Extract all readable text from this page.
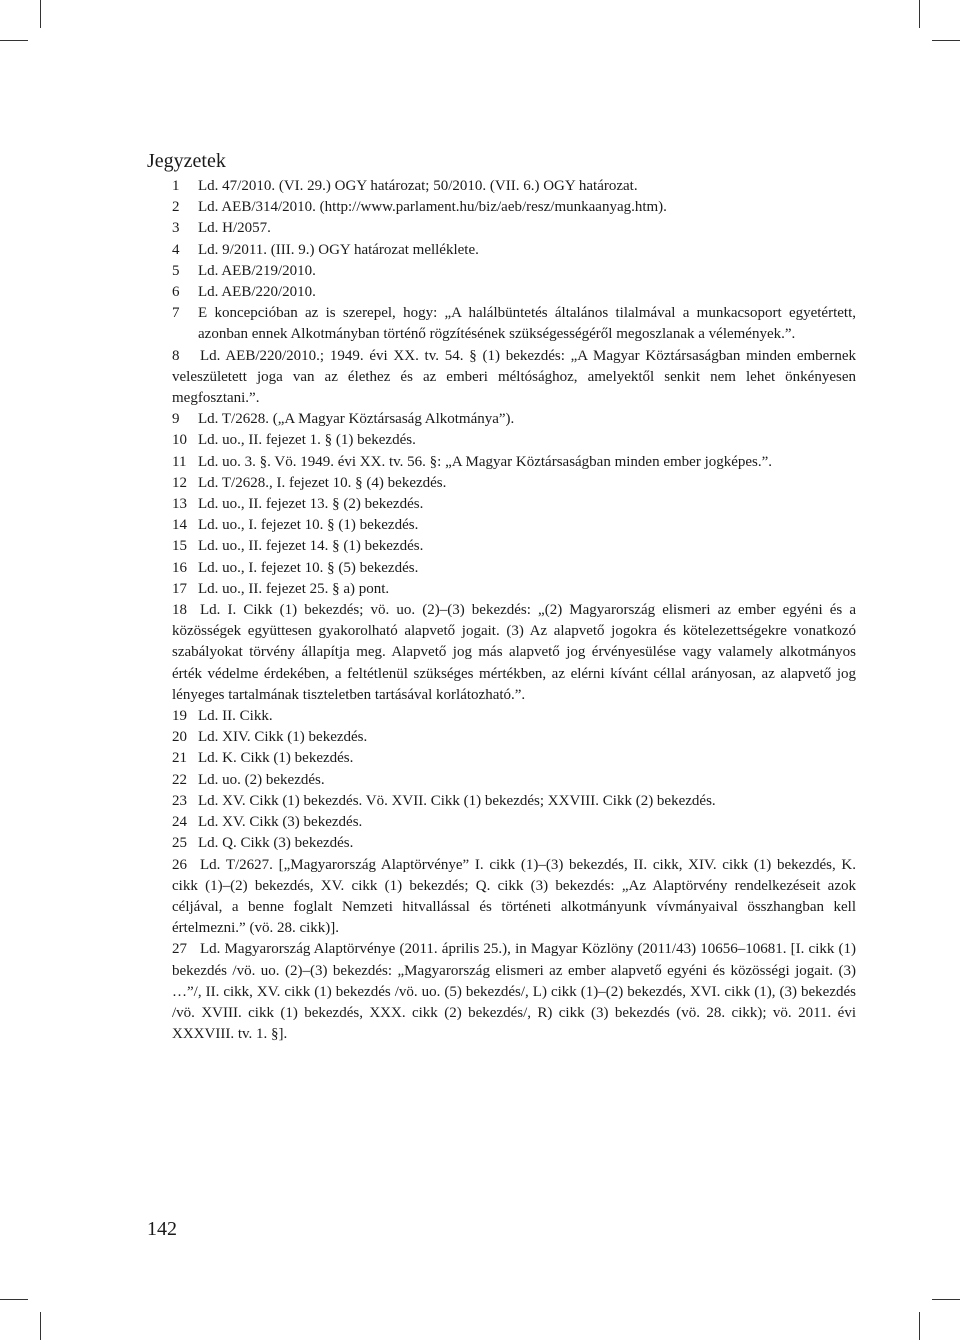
Jegyzetek
1 Ld. 47/2010. (VI. 29.) OGY határozat; 50/2010. (VII. 6.) OGY határozat.
2 Ld. AEB/314/2010. (http://www.parlament.hu/biz/aeb/resz/munkaanyag.htm).
3 Ld. H/2057.
4 Ld. 9/2011. (III. 9.) OGY határozat melléklete.
5 Ld. AEB/219/2010.
6 Ld. AEB/220/2010.
7 E koncepcióban az is szerepel, hogy: „A halálbüntetés általános tilalmával a munkacsoport egyetértett, azonban ennek Alkotmányban történő rögzítésének szükségességéről megoszlanak a vélemények.”.
8 Ld. AEB/220/2010.; 1949. évi XX. tv. 54. § (1) bekezdés: „A Magyar Köztársaságban minden embernek veleszületett joga van az élethez és az emberi méltósághoz, amelyektől senkit nem lehet önkényesen megfosztani.”.
9 Ld. T/2628. („A Magyar Köztársaság Alkotmánya”).
10 Ld. uo., II. fejezet 1. § (1) bekezdés.
11 Ld. uo. 3. §. Vö. 1949. évi XX. tv. 56. §: „A Magyar Köztársaságban minden ember jogképes.”.
12 Ld. T/2628., I. fejezet 10. § (4) bekezdés.
13 Ld. uo., II. fejezet 13. § (2) bekezdés.
14 Ld. uo., I. fejezet 10. § (1) bekezdés.
15 Ld. uo., II. fejezet 14. § (1) bekezdés.
16 Ld. uo., I. fejezet 10. § (5) bekezdés.
17 Ld. uo., II. fejezet 25. § a) pont.
18 Ld. I. Cikk (1) bekezdés; vö. uo. (2)–(3) bekezdés: „(2) Magyarország elismeri az ember egyéni és a közösségek együttesen gyakorolható alapvető jogait. (3) Az alapvető jogokra és kötelezettségekre vonatkozó szabályokat törvény állapítja meg. Alapvető jog más alapvető jog érvényesülése vagy valamely alkotmányos érték védelme érdekében, a feltétlenül szükséges mértékben, az elérni kívánt céllal arányosan, az alapvető jog lényeges tartalmának tiszteletben tartásával korlátozható.”.
19 Ld. II. Cikk.
20 Ld. XIV. Cikk (1) bekezdés.
21 Ld. K. Cikk (1) bekezdés.
22 Ld. uo. (2) bekezdés.
23 Ld. XV. Cikk (1) bekezdés. Vö. XVII. Cikk (1) bekezdés; XXVIII. Cikk (2) bekezdés.
24 Ld. XV. Cikk (3) bekezdés.
25 Ld. Q. Cikk (3) bekezdés.
26 Ld. T/2627. [„Magyarország Alaptörvénye” I. cikk (1)–(3) bekezdés, II. cikk, XIV. cikk (1) bekezdés, K. cikk (1)–(2) bekezdés, XV. cikk (1) bekezdés; Q. cikk (3) bekezdés: „Az Alaptörvény rendelkezéseit azok céljával, a benne foglalt Nemzeti hitvallással és történeti alkotmányunk vívmányaival összhangban kell értelmezni.” (vö. 28. cikk)].
27 Ld. Magyarország Alaptörvénye (2011. április 25.), in Magyar Közlöny (2011/43) 10656–10681. [I. cikk (1) bekezdés /vö. uo. (2)–(3) bekezdés: „Magyarország elismeri az ember alapvető egyéni és közösségi jogait. (3) …”/, II. cikk, XV. cikk (1) bekezdés /vö. uo. (5) bekezdés/, L) cikk (1)–(2) bekezdés, XVI. cikk (1), (3) bekezdés /vö. XVIII. cikk (1) bekezdés, XXX. cikk (2) bekezdés/, R) cikk (3) bekezdés (vö. 28. cikk); vö. 2011. évi XXXVIII. tv. 1. §].
142
